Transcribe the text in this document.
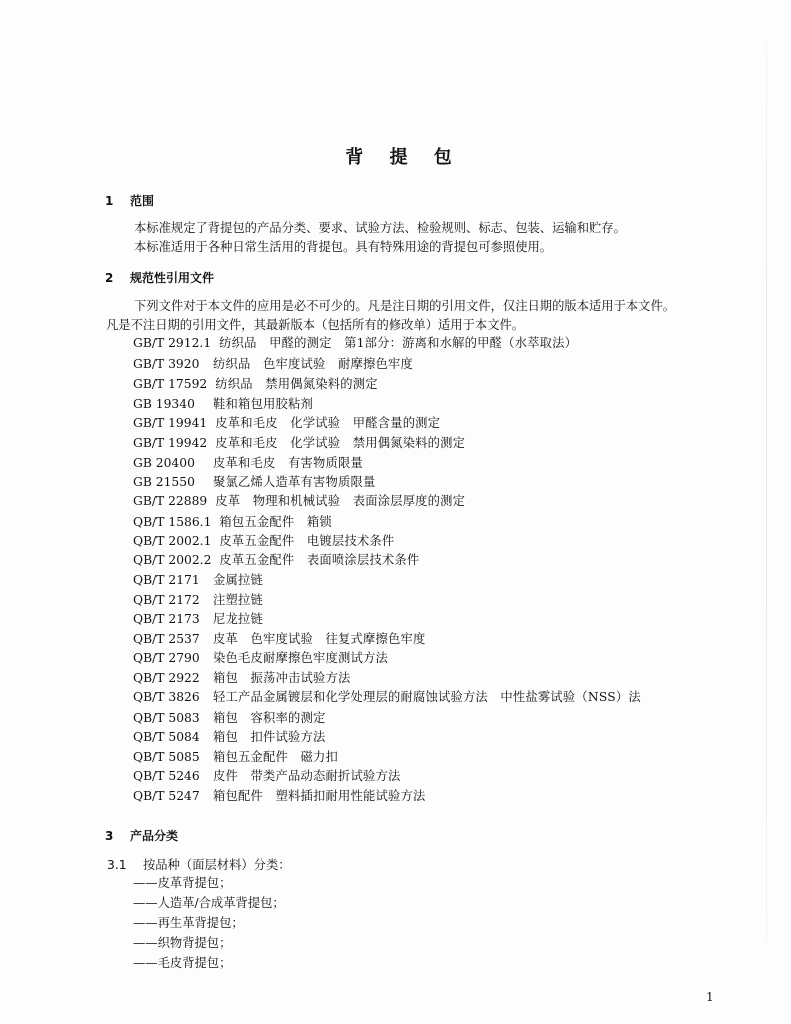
背 提 包
1 范围
本标准规定了背提包的产品分类、要求、试验方法、检验规则、标志、包装、运输和贮存。
本标准适用于各种日常生活用的背提包。具有特殊用途的背提包可参照使用。
2 规范性引用文件
下列文件对于本文件的应用是必不可少的。凡是注日期的引用文件，仅注日期的版本适用于本文件。
凡是不注日期的引用文件，其最新版本（包括所有的修改单）适用于本文件。
GB/T 2912.1 纺织品　甲醛的测定　第1部分：游离和水解的甲醛（水萃取法）
GB/T 3920 纺织品　色牢度试验　耐摩擦色牢度
GB/T 17592 纺织品　禁用偶氮染料的测定
GB 19340 鞋和箱包用胶粘剂
GB/T 19941 皮革和毛皮　化学试验　甲醛含量的测定
GB/T 19942 皮革和毛皮　化学试验　禁用偶氮染料的测定
GB 20400 皮革和毛皮　有害物质限量
GB 21550 聚氯乙烯人造革有害物质限量
GB/T 22889 皮革　物理和机械试验　表面涂层厚度的测定
QB/T 1586.1 箱包五金配件　箱锁
QB/T 2002.1 皮革五金配件　电镀层技术条件
QB/T 2002.2 皮革五金配件　表面喷涂层技术条件
QB/T 2171 金属拉链
QB/T 2172 注塑拉链
QB/T 2173 尼龙拉链
QB/T 2537 皮革　色牢度试验　往复式摩擦色牢度
QB/T 2790 染色毛皮耐摩擦色牢度测试方法
QB/T 2922 箱包　振荡冲击试验方法
QB/T 3826 轻工产品金属镀层和化学处理层的耐腐蚀试验方法　中性盐雾试验（NSS）法
QB/T 5083 箱包　容积率的测定
QB/T 5084 箱包　扣件试验方法
QB/T 5085 箱包五金配件　磁力扣
QB/T 5246 皮件　带类产品动态耐折试验方法
QB/T 5247 箱包配件　塑料插扣耐用性能试验方法
3 产品分类
3.1 按品种（面层材料）分类：
——皮革背提包；
——人造革/合成革背提包；
——再生革背提包；
——织物背提包；
——毛皮背提包；
1
